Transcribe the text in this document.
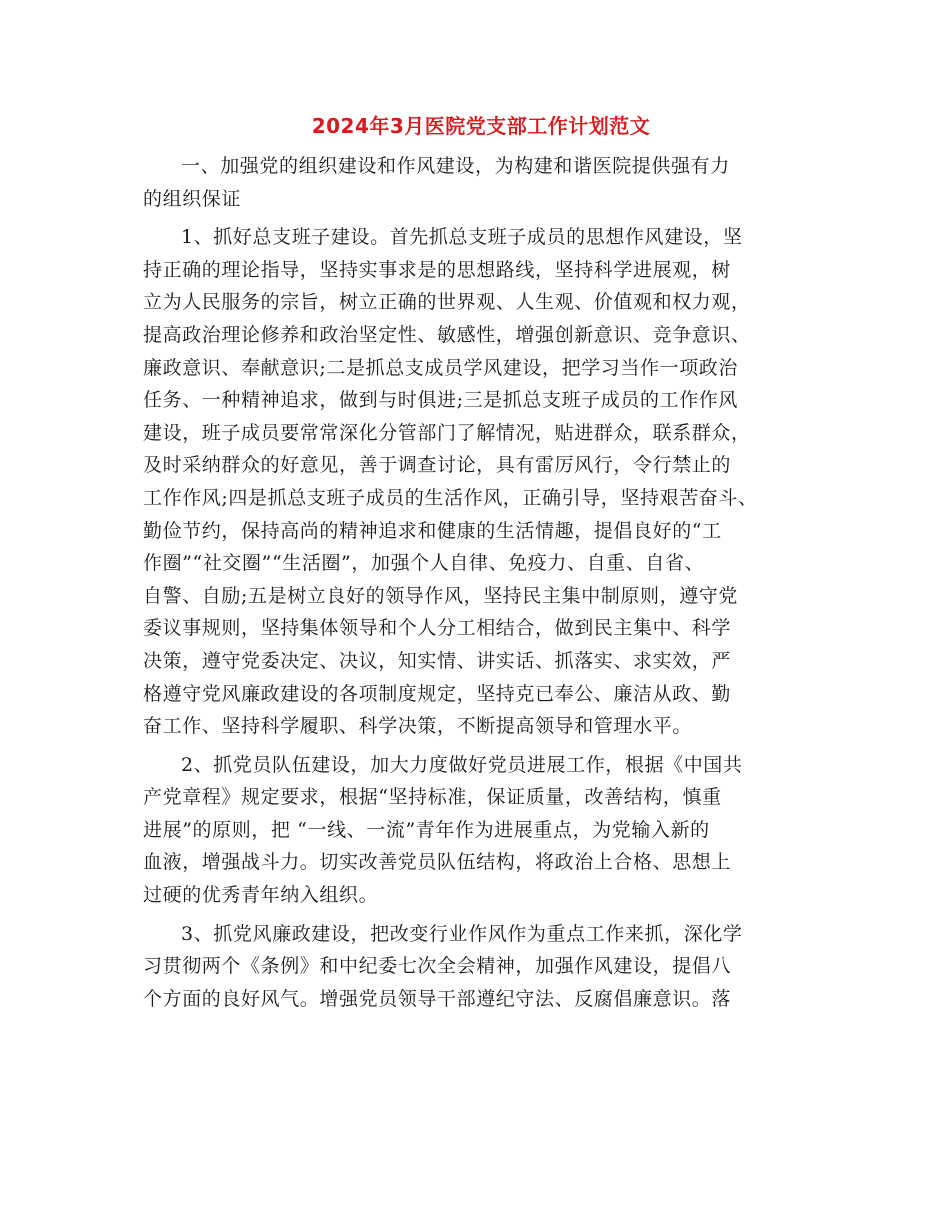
2024年3月医院党支部工作计划范文
一、加强党的组织建设和作风建设，为构建和谐医院提供强有力
的组织保证
1、抓好总支班子建设。首先抓总支班子成员的思想作风建设，坚
持正确的理论指导，坚持实事求是的思想路线，坚持科学进展观，树
立为人民服务的宗旨，树立正确的世界观、人生观、价值观和权力观，
提高政治理论修养和政治坚定性、敏感性，增强创新意识、竞争意识、
廉政意识、奉献意识;二是抓总支成员学风建设，把学习当作一项政治
任务、一种精神追求，做到与时俱进;三是抓总支班子成员的工作作风
建设，班子成员要常常深化分管部门了解情况，贴进群众，联系群众，
及时采纳群众的好意见，善于调查讨论，具有雷厉风行，令行禁止的
工作作风;四是抓总支班子成员的生活作风，正确引导，坚持艰苦奋斗、
勤俭节约，保持高尚的精神追求和健康的生活情趣，提倡良好的“工
作圈”“社交圈”“生活圈”，加强个人自律、免疫力、自重、自省、
自警、自励;五是树立良好的领导作风，坚持民主集中制原则，遵守党
委议事规则，坚持集体领导和个人分工相结合，做到民主集中、科学
决策，遵守党委决定、决议，知实情、讲实话、抓落实、求实效，严
格遵守党风廉政建设的各项制度规定，坚持克已奉公、廉洁从政、勤
奋工作、坚持科学履职、科学决策，不断提高领导和管理水平。
2、抓党员队伍建设，加大力度做好党员进展工作，根据《中国共
产党章程》规定要求，根据“坚持标准，保证质量，改善结构，慎重
进展”的原则，把 “一线、一流”青年作为进展重点，为党输入新的
血液，增强战斗力。切实改善党员队伍结构，将政治上合格、思想上
过硬的优秀青年纳入组织。
3、抓党风廉政建设，把改变行业作风作为重点工作来抓，深化学
习贯彻两个《条例》和中纪委七次全会精神，加强作风建设，提倡八
个方面的良好风气。增强党员领导干部遵纪守法、反腐倡廉意识。落
